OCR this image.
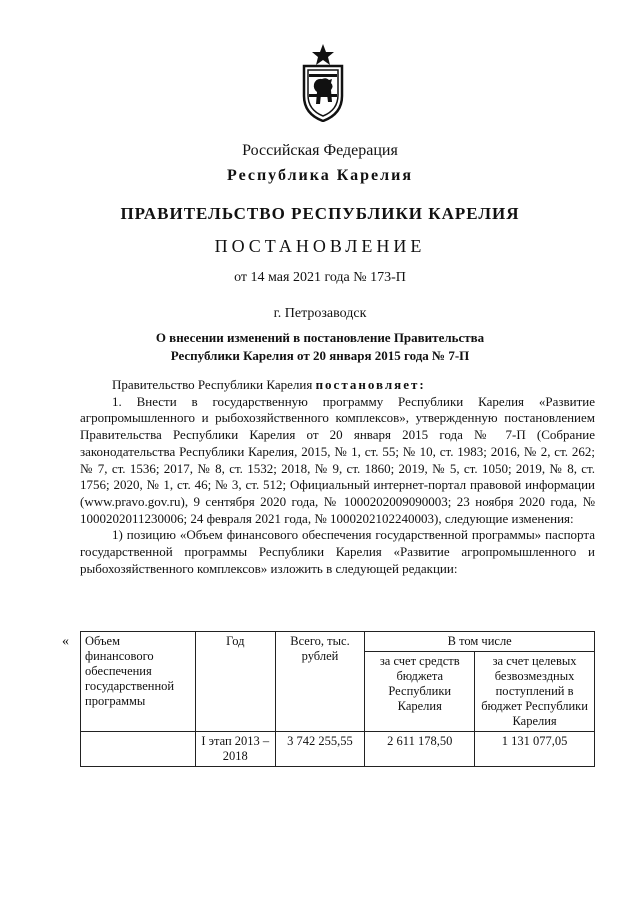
Российская Федерация
Республика Карелия
ПРАВИТЕЛЬСТВО РЕСПУБЛИКИ КАРЕЛИЯ
ПОСТАНОВЛЕНИЕ
от 14 мая 2021 года № 173-П
г. Петрозаводск
О внесении изменений в постановление Правительства
Республики Карелия от 20 января 2015 года № 7-П

Правительство Республики Карелия постановляет:

1. Внести в государственную программу Республики Карелия «Развитие агропромышленного и рыбохозяйственного комплексов», утвержденную постановлением Правительства Республики Карелия от 20 января 2015 года № 7-П (Собрание законодательства Республики Карелия, 2015, № 1, ст. 55; № 10, ст. 1983; 2016, № 2, ст. 262; № 7, ст. 1536; 2017, № 8, ст. 1532; 2018, № 9, ст. 1860; 2019, № 5, ст. 1050; 2019, № 8, ст. 1756; 2020, № 1, ст. 46; № 3, ст. 512; Официальный интернет-портал правовой информации (www.pravo.gov.ru), 9 сентября 2020 года, № 1000202009090003; 23 ноября 2020 года, № 1000202011230006; 24 февраля 2021 года, № 1000202102240003), следующие изменения:

1) позицию «Объем финансового обеспечения государственной программы» паспорта государственной программы Республики Карелия «Развитие агропромышленного и рыбохозяйственного комплексов» изложить в следующей редакции:

« Объем финансового обеспечения государственной программы	Год	Всего, тыс. рублей	В том числе	
			за счет средств бюджета Республики Карелия	за счет целевых безвозмездных поступлений в бюджет Республики Карелия
	I этап 2013 – 2018	3 742 255,55	2 611 178,50	1 131 077,05
